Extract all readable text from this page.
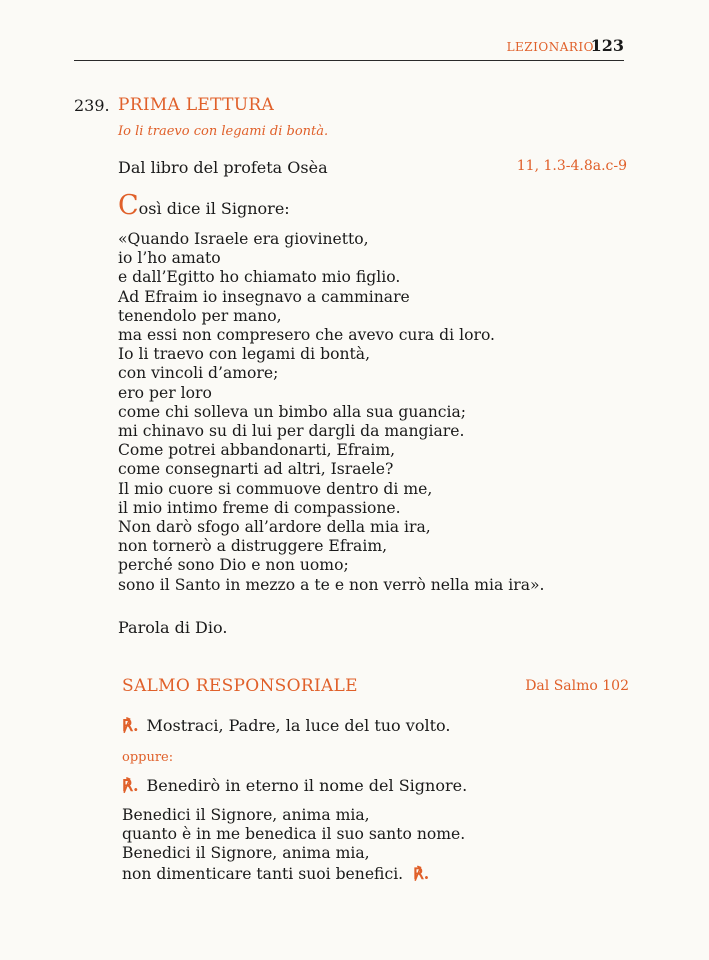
LEZIONARIO
123
239. PRIMA LETTURA
Io li traevo con legami di bontà.
Dal libro del profeta Osèa	11, 1.3-4.8a.c-9
Così dice il Signore:
«Quando Israele era giovinetto,
io l’ho amato
e dall’Egitto ho chiamato mio figlio.
Ad Efraim io insegnavo a camminare
tenendolo per mano,
ma essi non compresero che avevo cura di loro.
Io li traevo con legami di bontà,
con vincoli d’amore;
ero per loro
come chi solleva un bimbo alla sua guancia;
mi chinavo su di lui per dargli da mangiare.
Come potrei abbandonarti, Efraim,
come consegnarti ad altri, Israele?
Il mio cuore si commuove dentro di me,
il mio intimo freme di compassione.
Non darò sfogo all’ardore della mia ira,
non tornerò a distruggere Efraim,
perché sono Dio e non uomo;
sono il Santo in mezzo a te e non verrò nella mia ira».
Parola di Dio.
SALMO RESPONSORIALE	Dal Salmo 102
℟. Mostraci, Padre, la luce del tuo volto.
oppure:
℟. Benedirò in eterno il nome del Signore.
Benedici il Signore, anima mia,
quanto è in me benedica il suo santo nome.
Benedici il Signore, anima mia,
non dimenticare tanti suoi benefici. ℟.
